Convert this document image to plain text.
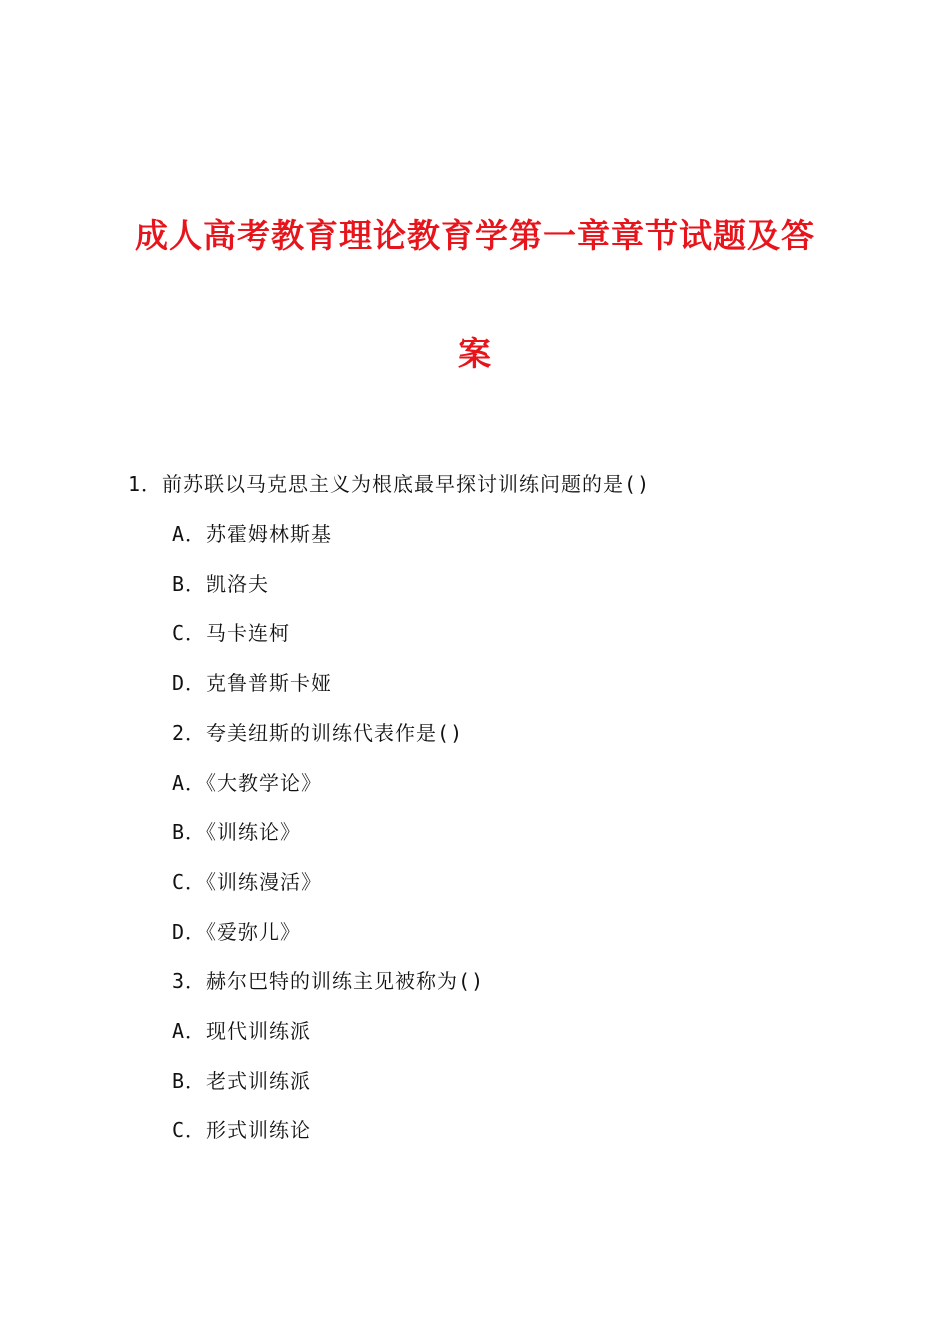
成人高考教育理论教育学第一章章节试题及答
案
1．前苏联以马克思主义为根底最早探讨训练问题的是()
A．苏霍姆林斯基
B．凯洛夫
C．马卡连柯
D．克鲁普斯卡娅
2．夸美纽斯的训练代表作是()
A．《大教学论》
B．《训练论》
C．《训练漫活》
D．《爱弥儿》
3．赫尔巴特的训练主见被称为()
A．现代训练派
B．老式训练派
C．形式训练论
